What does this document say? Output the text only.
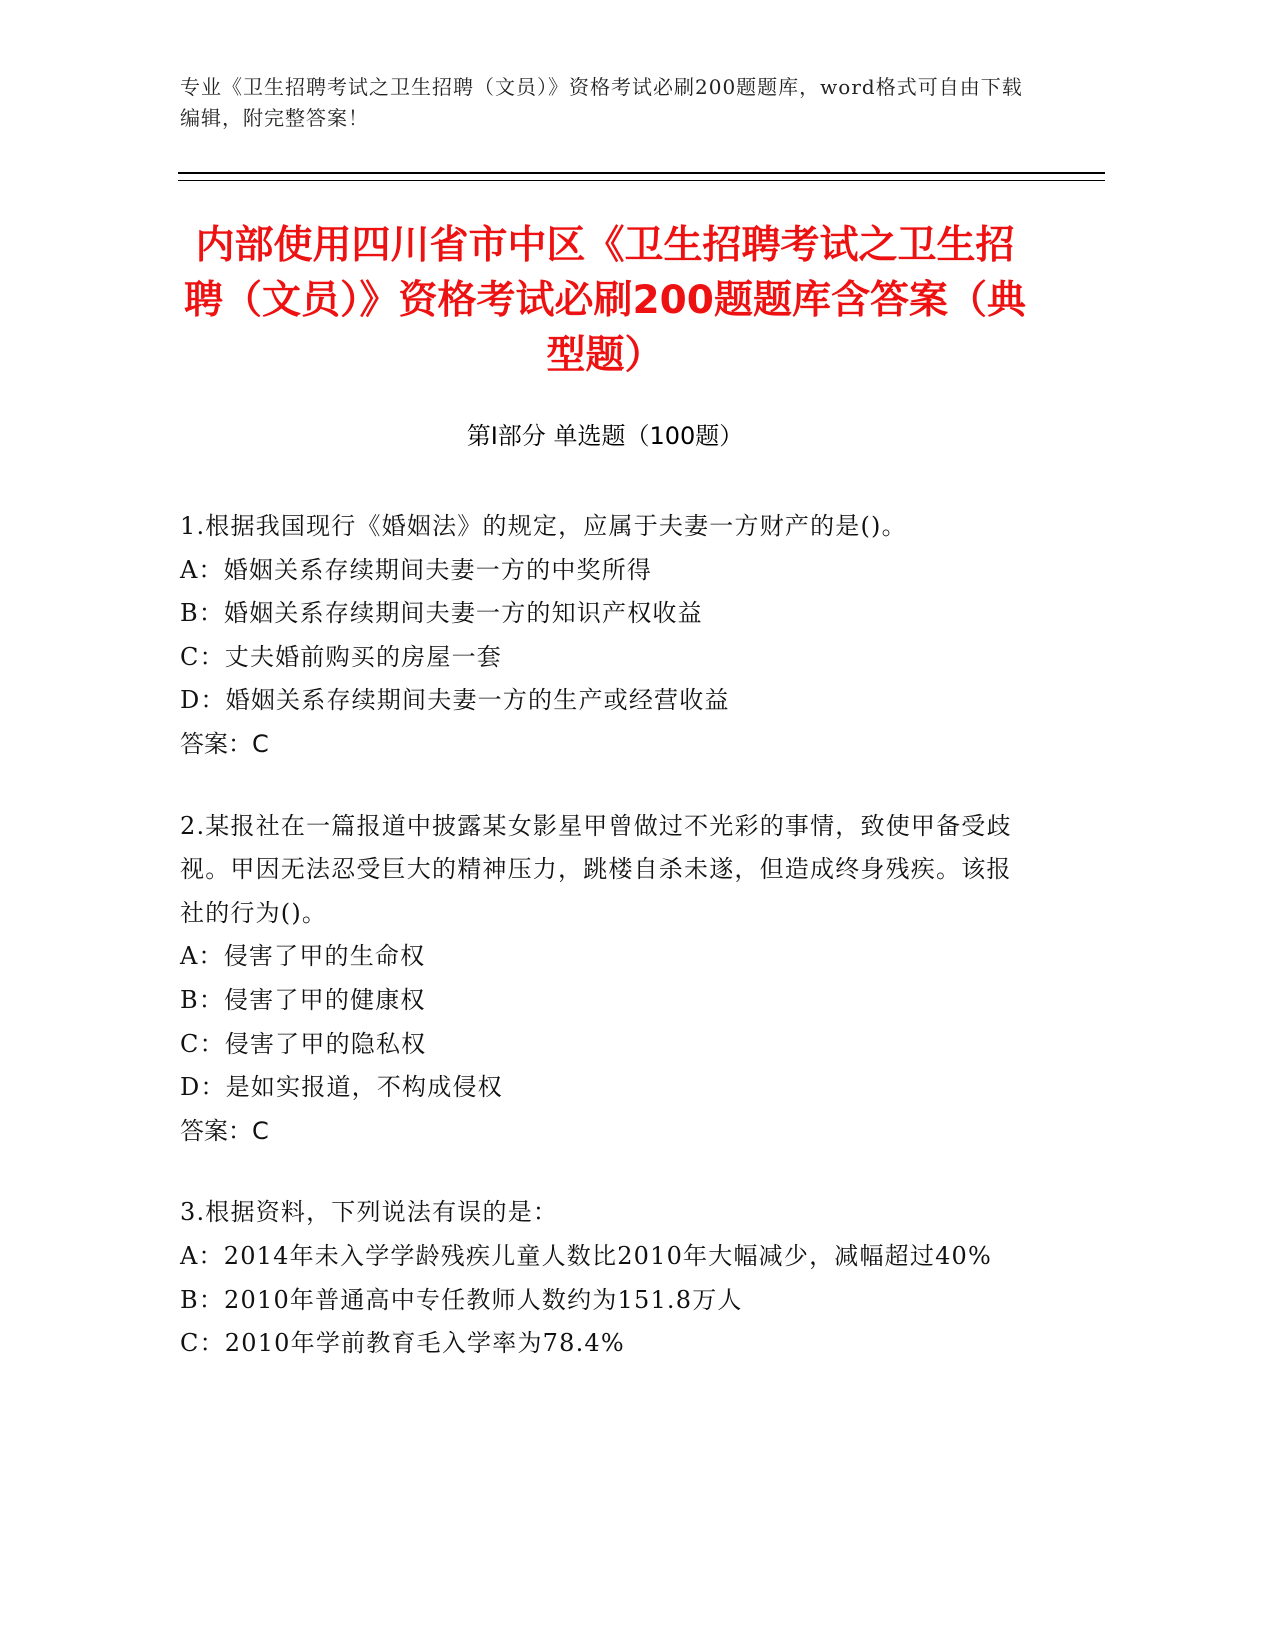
专业《卫生招聘考试之卫生招聘（文员）》资格考试必刷200题题库，word格式可自由下载编辑，附完整答案！
内部使用四川省市中区《卫生招聘考试之卫生招聘（文员）》资格考试必刷200题题库含答案（典型题）
第Ⅰ部分 单选题（100题）
1.根据我国现行《婚姻法》的规定，应属于夫妻一方财产的是()。
A：婚姻关系存续期间夫妻一方的中奖所得
B：婚姻关系存续期间夫妻一方的知识产权收益
C：丈夫婚前购买的房屋一套
D：婚姻关系存续期间夫妻一方的生产或经营收益
答案：C
2.某报社在一篇报道中披露某女影星甲曾做过不光彩的事情，致使甲备受歧视。甲因无法忍受巨大的精神压力，跳楼自杀未遂，但造成终身残疾。该报社的行为()。
A：侵害了甲的生命权
B：侵害了甲的健康权
C：侵害了甲的隐私权
D：是如实报道，不构成侵权
答案：C
3.根据资料，下列说法有误的是：
A：2014年未入学学龄残疾儿童人数比2010年大幅减少，减幅超过40%
B：2010年普通高中专任教师人数约为151.8万人
C：2010年学前教育毛入学率为78.4%
